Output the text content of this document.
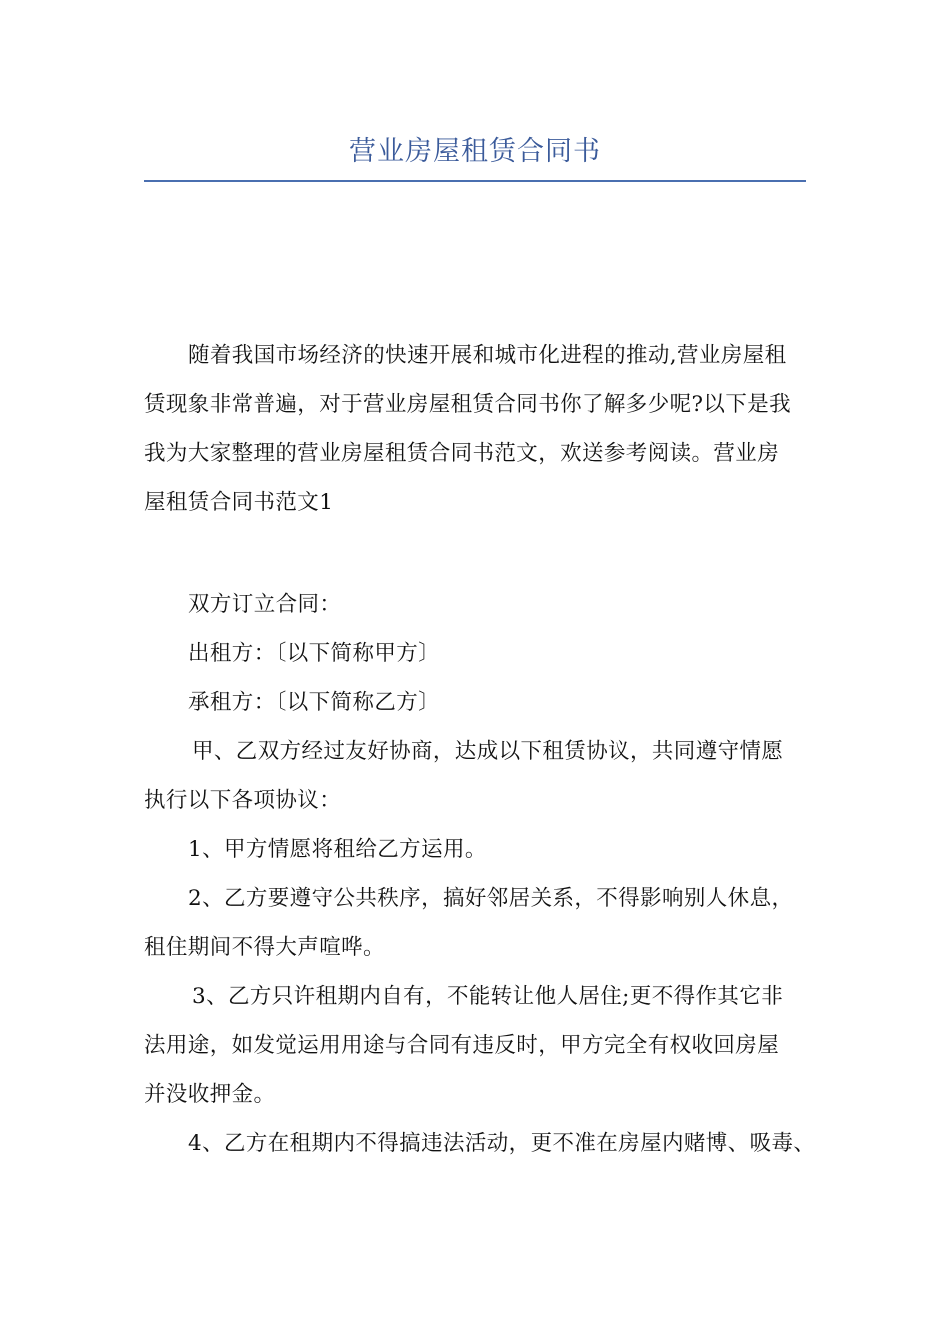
营业房屋租赁合同书
随着我国市场经济的快速开展和城市化进程的推动,营业房屋租
赁现象非常普遍，对于营业房屋租赁合同书你了解多少呢?以下是我
我为大家整理的营业房屋租赁合同书范文，欢送参考阅读。营业房
屋租赁合同书范文1
双方订立合同：
出租方：〔以下简称甲方〕
承租方：〔以下简称乙方〕
甲、乙双方经过友好协商，达成以下租赁协议，共同遵守情愿
执行以下各项协议：
1、甲方情愿将租给乙方运用。
2、乙方要遵守公共秩序，搞好邻居关系，不得影响别人休息，
租住期间不得大声喧哗。
3、乙方只许租期内自有，不能转让他人居住;更不得作其它非
法用途，如发觉运用用途与合同有违反时，甲方完全有权收回房屋
并没收押金。
4、乙方在租期内不得搞违法活动，更不准在房屋内赌博、吸毒、
